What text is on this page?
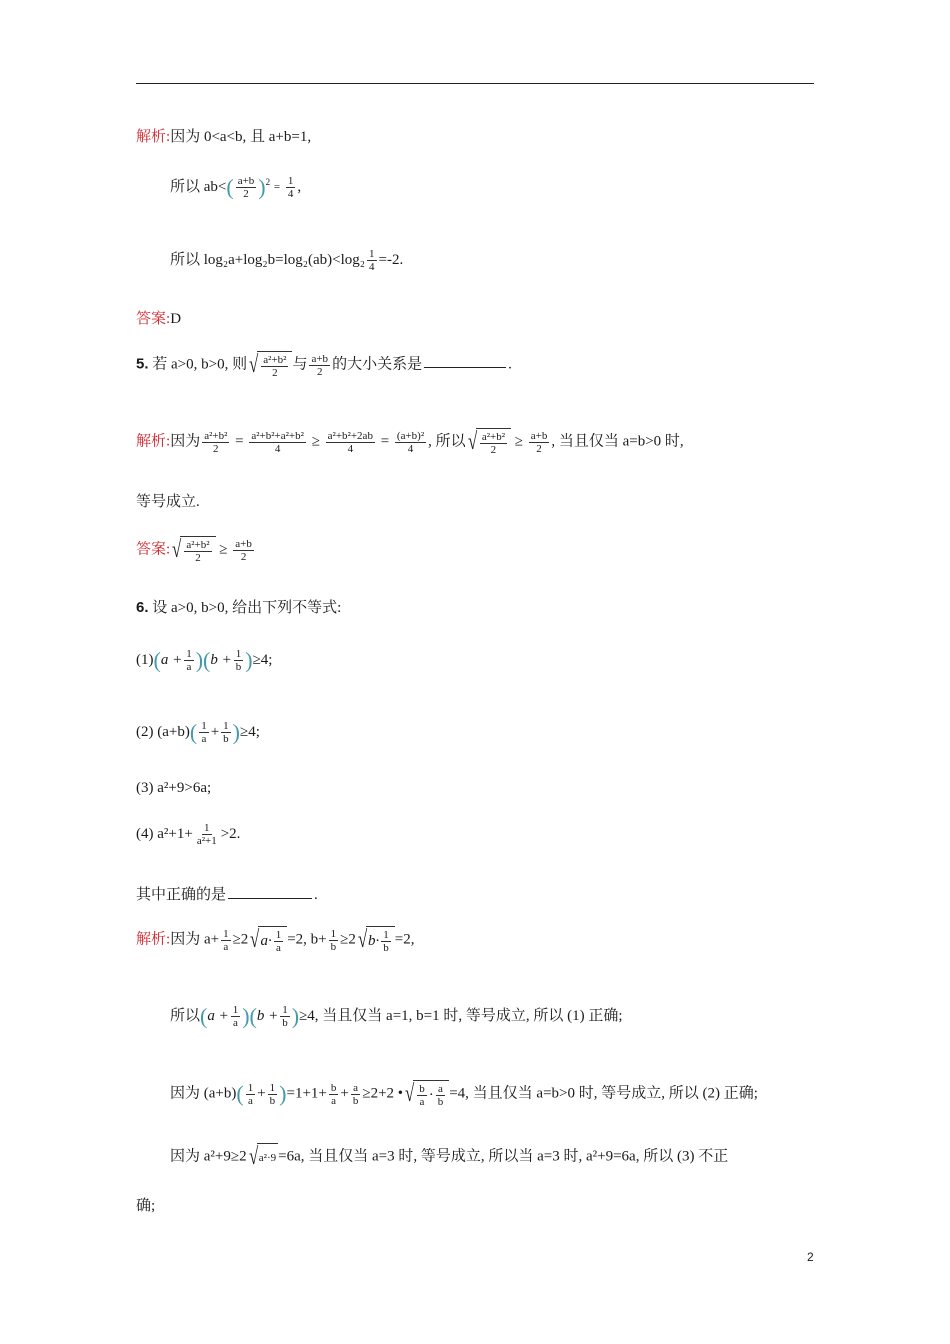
解析:因为 0<a<b, 且 a+b=1,
所以 $ab<( \frac{a+b}{2} )^2 = \frac{1}{4}$ ,
所以 $\log_2a+\log_2b=\log_2(ab)<\log_2 \frac{1}{4} =-2$.
答案:D
5. 若 a>0, b>0, 则 √ $\frac{\text{a²+b²}}{2}$ 与 $\frac{a+b}{2}$ 的大小关系是	.
解析:因为 $\frac{\text{a²+b²}}{2} = \frac{\text{a²+b²+a²+b²}}{4} \ge \frac{\text{a²+b²+2ab}}{4} = \frac{\text{(a+b)²}}{4}$ , 所以 √ $\frac{\text{a²+b²}}{2} \ge \frac{a+b}{2}$ , 当且仅当 a=b>0 时,
等号成立.
答案: √ $\frac{\text{a²+b²}}{2} \ge \frac{a+b}{2}$
6. 设 a>0, b>0, 给出下列不等式:
$(1)(a + \frac{1}{a} )(b + \frac{1}{b} )\ge 4$;
(2) $(a+b)( \frac{1}{a} + \frac{1}{b} )\ge 4$;
(3) a²+9>6a;
(4) $a^2+1+ \frac{1}{\text{a²+1}} >2$.
其中正确的是	.
解析:因为 $a+ \frac{1}{a} \ge 2$ √ $a\cdot \frac{1}{a} =2$, $b+ \frac{1}{b} \ge 2$ √ $b\cdot \frac{1}{b} =2$,
所以$(a + \frac{1}{a} )(b + \frac{1}{b} )\ge 4$, 当且仅当 a=1, b=1 时, 等号成立, 所以 (1) 正确;
因为 $(a+b)( \frac{1}{a} + \frac{1}{b} )=1+1+ \frac{b}{a} + \frac{a}{b} \ge 2+2$ • √ $\frac{b}{a} \cdot \frac{a}{b} =4$, 当且仅当 a=b>0 时, 等号成立, 所以 (2) 正确;
因为 a²+9≥2 √ a²·9 =6a, 当且仅当 a=3 时, 等号成立, 所以当 a=3 时, a²+9=6a, 所以 (3) 不正
确;
2
